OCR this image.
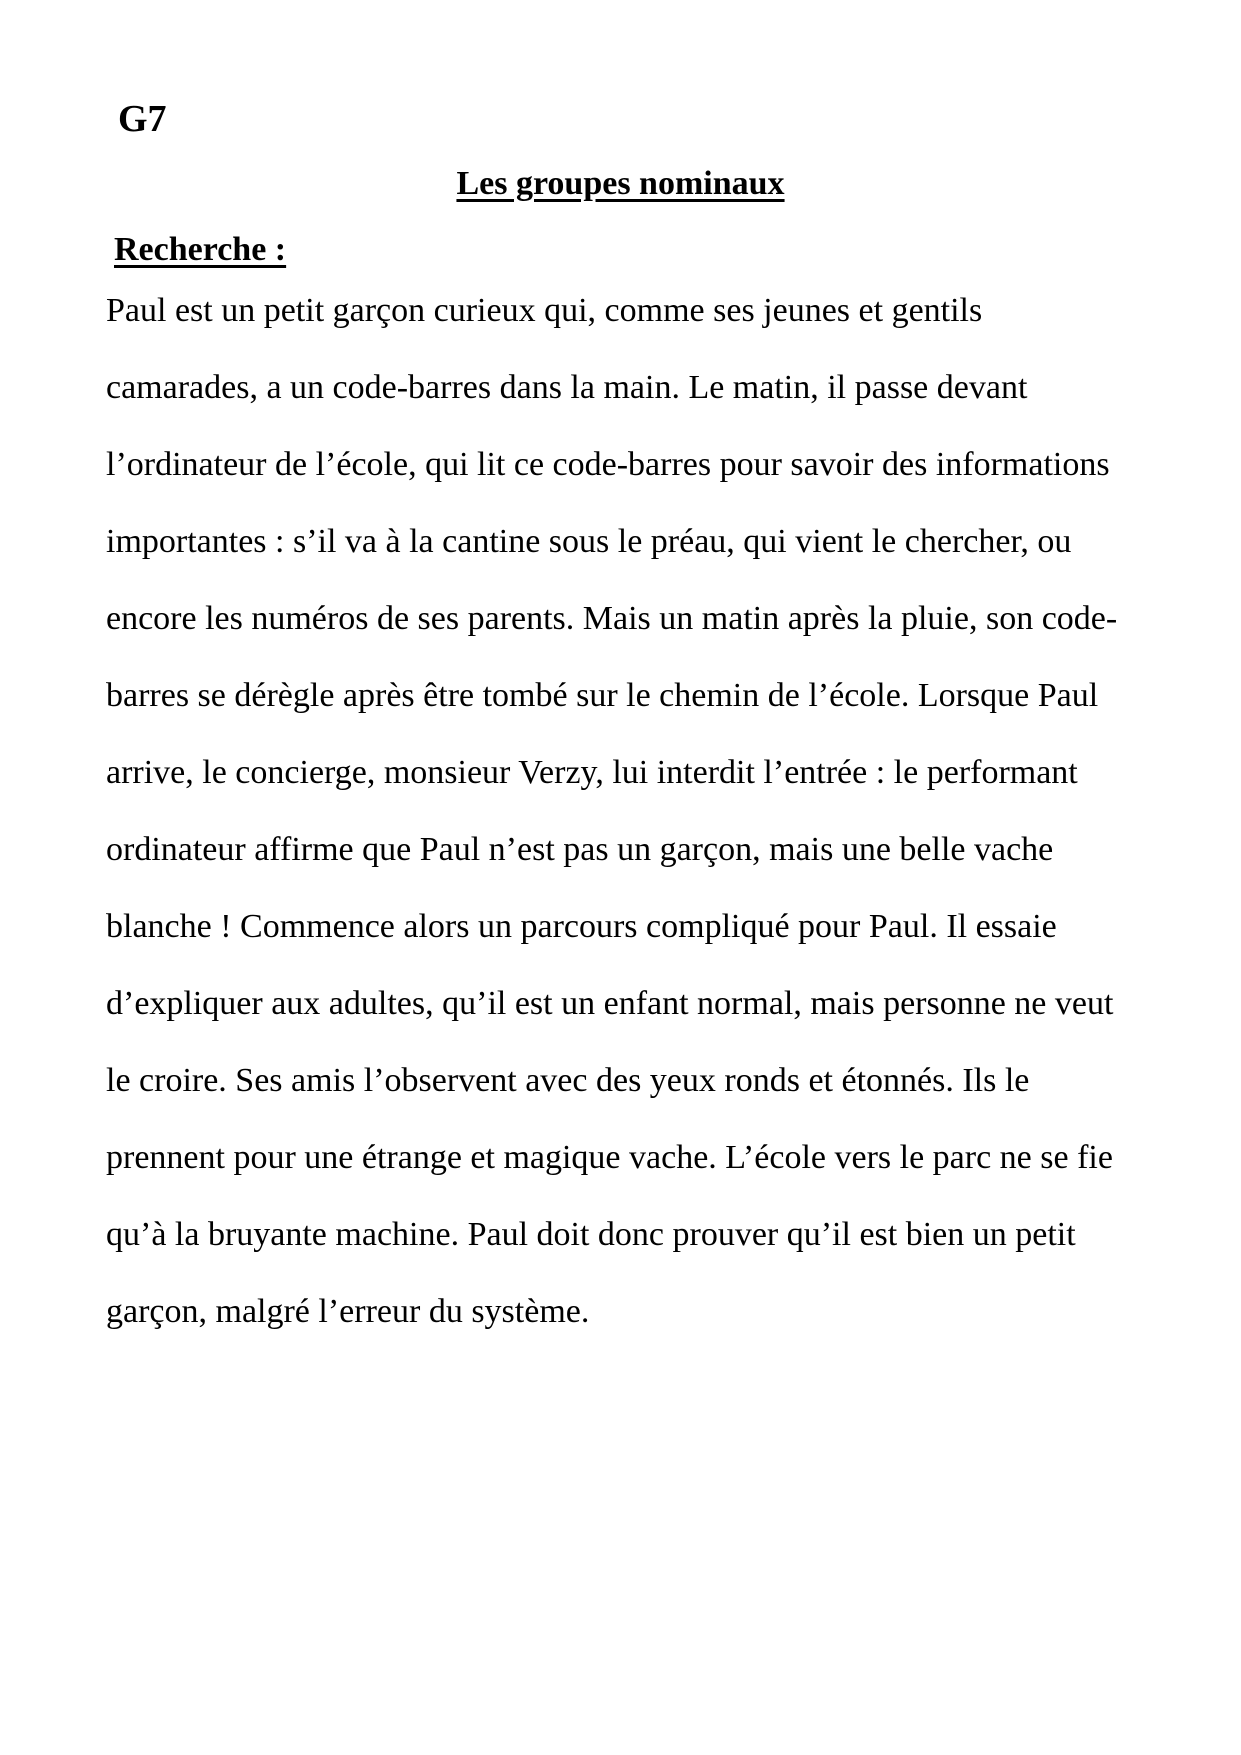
G7
Les groupes nominaux
Recherche :
Paul est un petit garçon curieux qui, comme ses jeunes et gentils
camarades, a un code-barres dans la main. Le matin, il passe devant
l’ordinateur de l’école, qui lit ce code-barres pour savoir des informations
importantes : s’il va à la cantine sous le préau, qui vient le chercher, ou
encore les numéros de ses parents. Mais un matin après la pluie, son code-
barres se dérègle après être tombé sur le chemin de l’école. Lorsque Paul
arrive, le concierge, monsieur Verzy, lui interdit l’entrée : le performant
ordinateur affirme que Paul n’est pas un garçon, mais une belle vache
blanche ! Commence alors un parcours compliqué pour Paul. Il essaie
d’expliquer aux adultes, qu’il est un enfant normal, mais personne ne veut
le croire. Ses amis l’observent avec des yeux ronds et étonnés. Ils le
prennent pour une étrange et magique vache. L’école vers le parc ne se fie
qu’à la bruyante machine. Paul doit donc prouver qu’il est bien un petit
garçon, malgré l’erreur du système.
